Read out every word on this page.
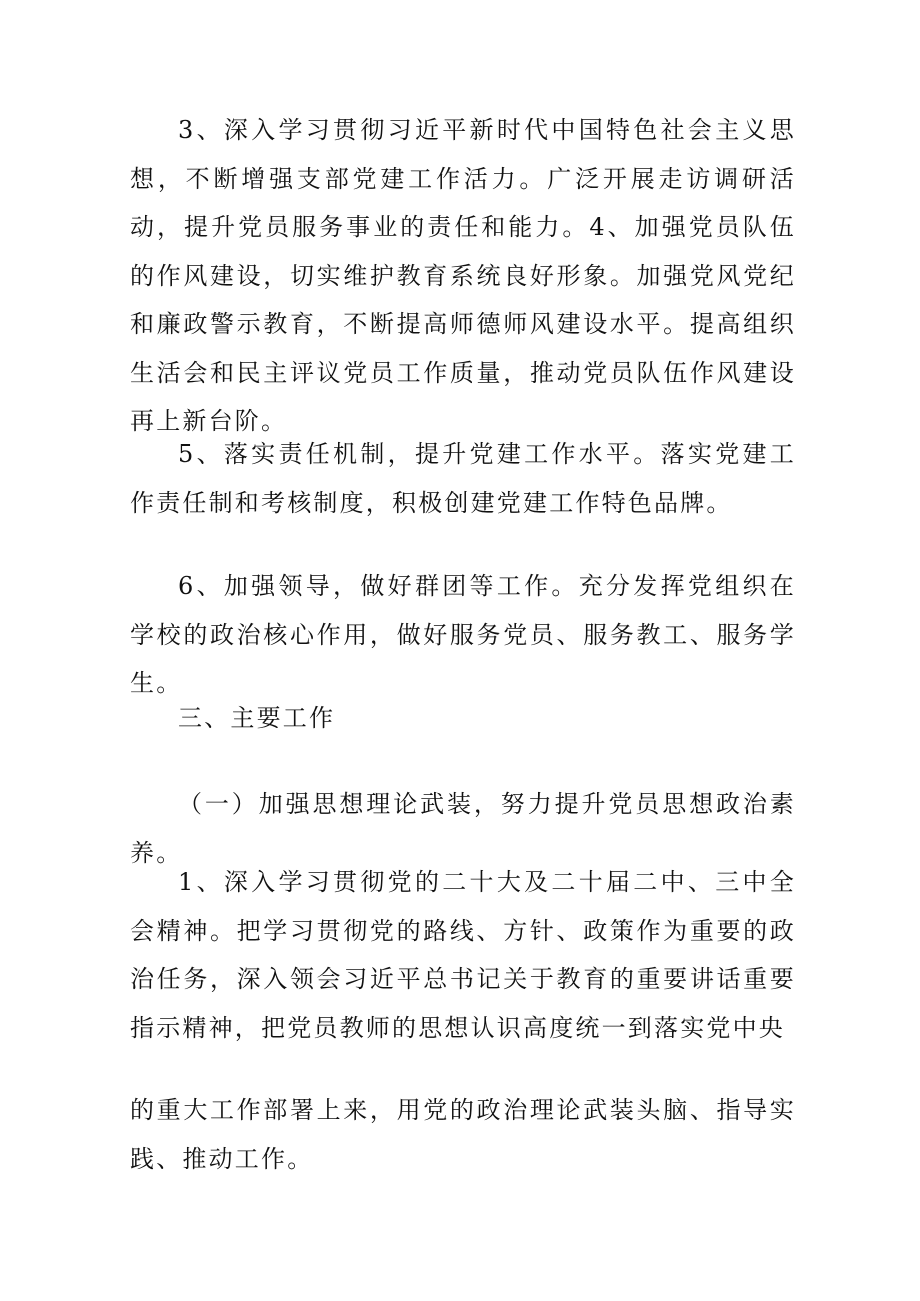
3、深入学习贯彻习近平新时代中国特色社会主义思想，不断增强支部党建工作活力。广泛开展走访调研活动，提升党员服务事业的责任和能力。4、加强党员队伍的作风建设，切实维护教育系统良好形象。加强党风党纪和廉政警示教育，不断提高师德师风建设水平。提高组织生活会和民主评议党员工作质量，推动党员队伍作风建设再上新台阶。

5、落实责任机制，提升党建工作水平。落实党建工作责任制和考核制度，积极创建党建工作特色品牌。

6、加强领导，做好群团等工作。充分发挥党组织在学校的政治核心作用，做好服务党员、服务教工、服务学生。

三、主要工作

（一）加强思想理论武装，努力提升党员思想政治素养。

1、深入学习贯彻党的二十大及二十届二中、三中全会精神。把学习贯彻党的路线、方针、政策作为重要的政治任务，深入领会习近平总书记关于教育的重要讲话重要指示精神，把党员教师的思想认识高度统一到落实党中央

的重大工作部署上来，用党的政治理论武装头脑、指导实践、推动工作。
